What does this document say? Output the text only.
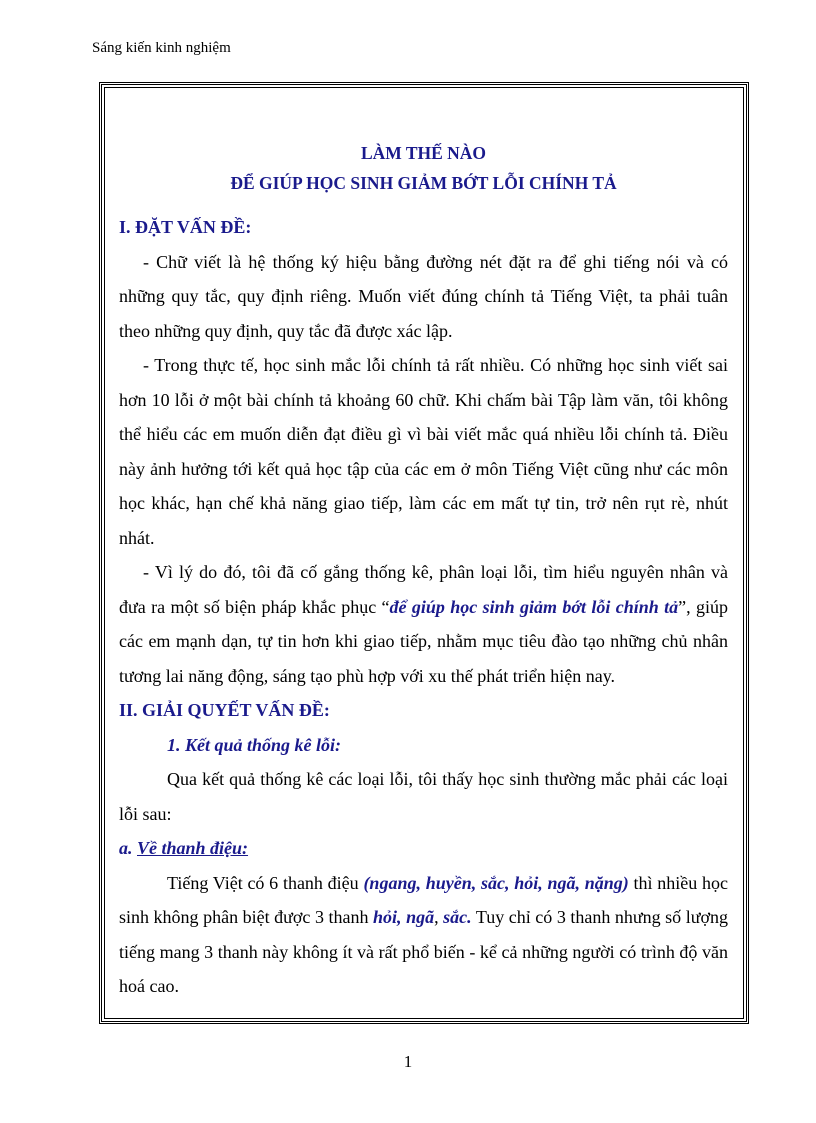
Sáng kiến kinh nghiệm
LÀM THẾ NÀO
ĐỂ GIÚP HỌC SINH GIẢM BỚT LỖI CHÍNH TẢ
I. ĐẶT VẤN ĐỀ:

- Chữ viết là hệ thống ký hiệu bằng đường nét đặt ra để ghi tiếng nói và có những quy tắc, quy định riêng. Muốn viết đúng chính tả Tiếng Việt, ta phải tuân theo những quy định, quy tắc đã được xác lập.

- Trong thực tế, học sinh mắc lỗi chính tả rất nhiều. Có những học sinh viết sai hơn 10 lỗi ở một bài chính tả khoảng 60 chữ. Khi chấm bài Tập làm văn, tôi không thể hiểu các em muốn diễn đạt điều gì vì bài viết mắc quá nhiều lỗi chính tả. Điều này ảnh hưởng tới kết quả học tập của các em ở môn Tiếng Việt cũng như các môn học khác, hạn chế khả năng giao tiếp, làm các em mất tự tin, trở nên rụt rè, nhút nhát.

- Vì lý do đó, tôi đã cố gắng thống kê, phân loại lỗi, tìm hiểu nguyên nhân và đưa ra một số biện pháp khắc phục “để giúp học sinh giảm bớt lỗi chính tả”, giúp các em mạnh dạn, tự tin hơn khi giao tiếp, nhằm mục tiêu đào tạo những chủ nhân tương lai năng động, sáng tạo phù hợp với xu thế phát triển hiện nay.

II. GIẢI QUYẾT VẤN ĐỀ:
1. Kết quả thống kê lỗi:

Qua kết quả thống kê các loại lỗi, tôi thấy học sinh thường mắc phải các loại lỗi sau:

a. Về thanh điệu:

Tiếng Việt có 6 thanh điệu (ngang, huyền, sắc, hỏi, ngã, nặng) thì nhiều học sinh không phân biệt được 3 thanh hỏi, ngã, sắc. Tuy chỉ có 3 thanh nhưng số lượng tiếng mang 3 thanh này không ít và rất phổ biến - kể cả những người có trình độ văn hoá cao.

1
